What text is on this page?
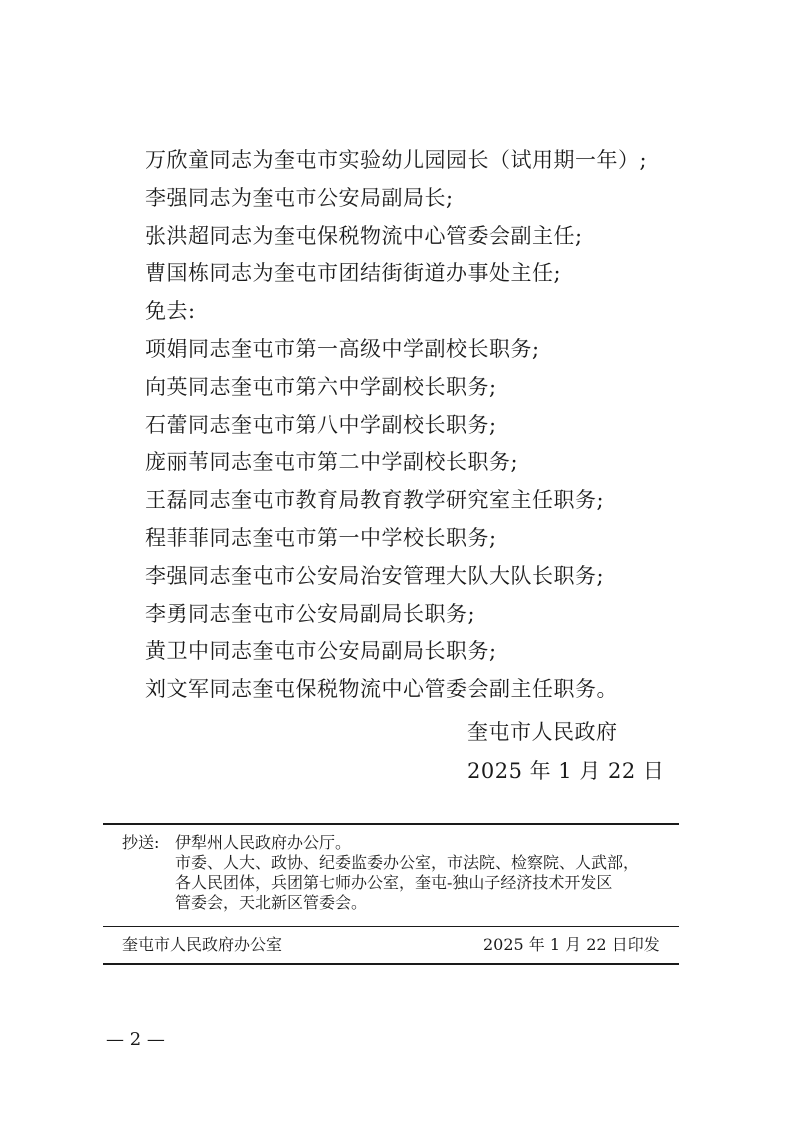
万欣童同志为奎屯市实验幼儿园园长（试用期一年）;
李强同志为奎屯市公安局副局长;
张洪超同志为奎屯保税物流中心管委会副主任;
曹国栋同志为奎屯市团结街街道办事处主任;
免去:
项娟同志奎屯市第一高级中学副校长职务;
向英同志奎屯市第六中学副校长职务;
石蕾同志奎屯市第八中学副校长职务;
庞丽苇同志奎屯市第二中学副校长职务;
王磊同志奎屯市教育局教育教学研究室主任职务;
程菲菲同志奎屯市第一中学校长职务;
李强同志奎屯市公安局治安管理大队大队长职务;
李勇同志奎屯市公安局副局长职务;
黄卫中同志奎屯市公安局副局长职务;
刘文军同志奎屯保税物流中心管委会副主任职务。
奎屯市人民政府
2025 年 1 月 22 日
抄送: 伊犁州人民政府办公厅。
市委、人大、政协、纪委监委办公室，市法院、检察院、人武部，
各人民团体，兵团第七师办公室，奎屯-独山子经济技术开发区
管委会，天北新区管委会。
奎屯市人民政府办公室	2025 年 1 月 22 日印发
— 2 —
